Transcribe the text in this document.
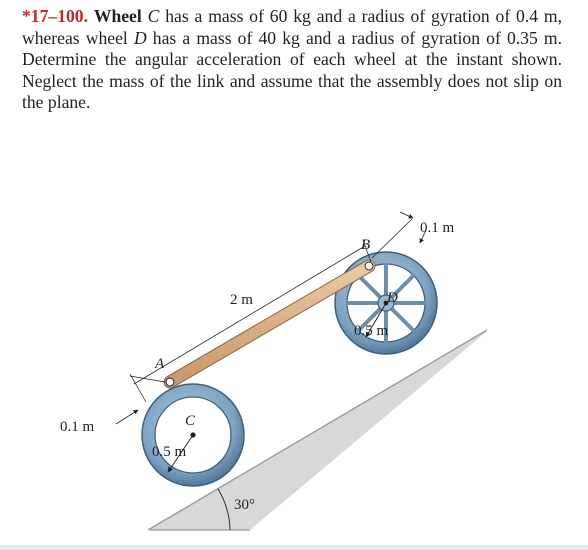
*17–100. Wheel C has a mass of 60 kg and a radius of gyration of 0.4 m, whereas wheel D has a mass of 40 kg and a radius of gyration of 0.35 m. Determine the angular acceleration of each wheel at the instant shown. Neglect the mass of the link and assume that the assembly does not slip on the plane.

A
B
C
D
2 m
0.5 m
0.5 m
0.1 m
0.1 m
30°
